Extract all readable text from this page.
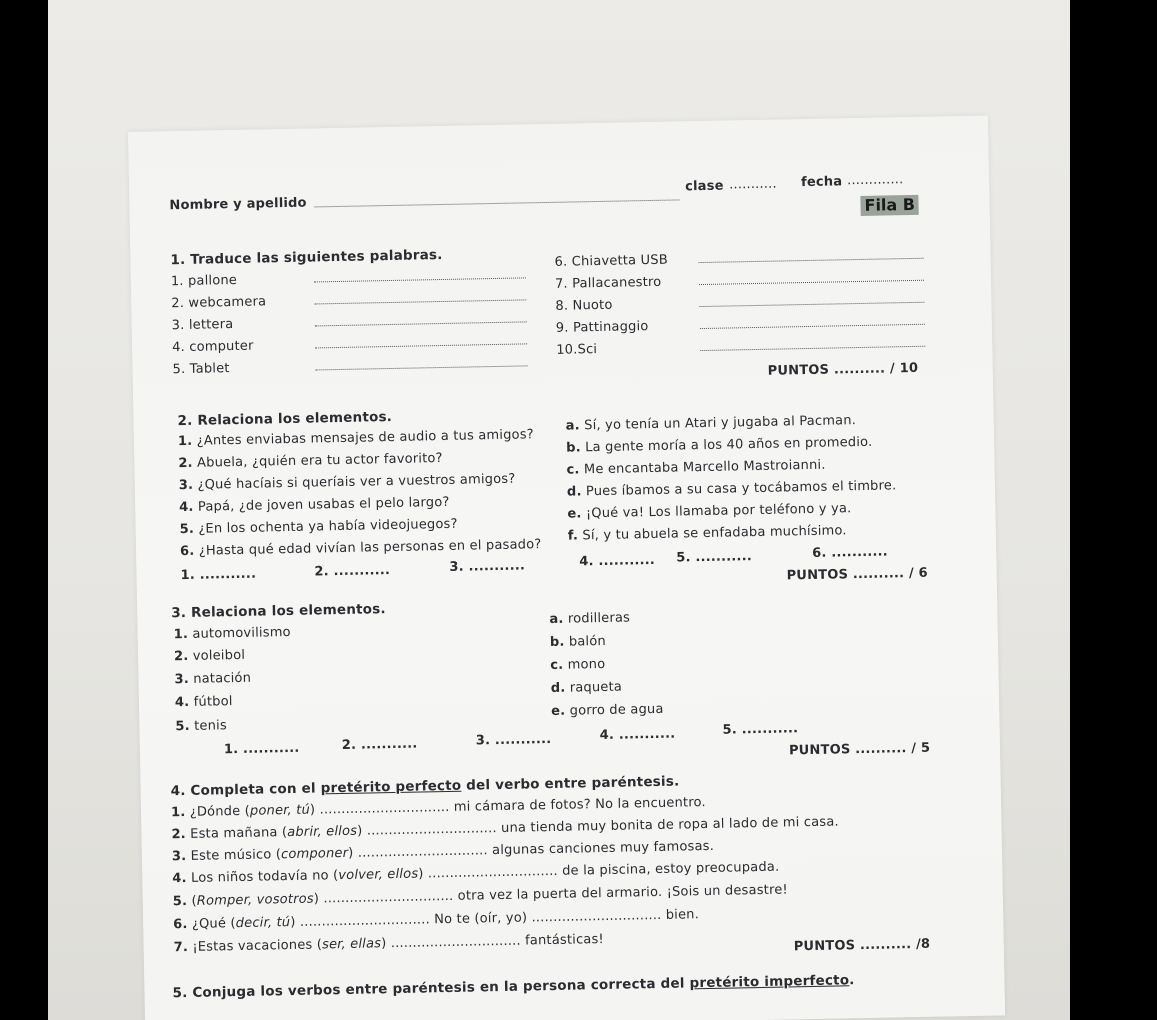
Nombre y apellido
clase ........... fecha .............
Fila B
1. Traduce las siguientes palabras.
1. pallone
2. webcamera
3. lettera
4. computer
5. Tablet
6. Chiavetta USB
7. Pallacanestro
8. Nuoto
9. Pattinaggio
10.Sci
PUNTOS .......... / 10
2. Relaciona los elementos.
1. ¿Antes enviabas mensajes de audio a tus amigos?
2. Abuela, ¿quién era tu actor favorito?
3. ¿Qué hacíais si queríais ver a vuestros amigos?
4. Papá, ¿de joven usabas el pelo largo?
5. ¿En los ochenta ya había videojuegos?
6. ¿Hasta qué edad vivían las personas en el pasado?
a. Sí, yo tenía un Atari y jugaba al Pacman.
b. La gente moría a los 40 años en promedio.
c. Me encantaba Marcello Mastroianni.
d. Pues íbamos a su casa y tocábamos el timbre.
e. ¡Qué va! Los llamaba por teléfono y ya.
f. Sí, y tu abuela se enfadaba muchísimo.
1. ...........	2. ...........	3. ...........	4. ........... 5. ...........	6. ...........
PUNTOS .......... / 6
3. Relaciona los elementos.
1. automovilismo
2. voleibol
3. natación
4. fútbol
5. tenis
a. rodilleras
b. balón
c. mono
d. raqueta
e. gorro de agua
1. ...........	2. ...........	3. ...........	4. ...........	5. ...........
PUNTOS .......... / 5
4. Completa con el pretérito perfecto del verbo entre paréntesis.
1. ¿Dónde (poner, tú) .............................. mi cámara de fotos? No la encuentro.
2. Esta mañana (abrir, ellos) .............................. una tienda muy bonita de ropa al lado de mi casa.
3. Este músico (componer) .............................. algunas canciones muy famosas.
4. Los niños todavía no (volver, ellos) .............................. de la piscina, estoy preocupada.
5. (Romper, vosotros) .............................. otra vez la puerta del armario. ¡Sois un desastre!
6. ¿Qué (decir, tú) .............................. No te (oír, yo) .............................. bien.
7. ¡Estas vacaciones (ser, ellas) .............................. fantásticas!	PUNTOS .......... /8
5. Conjuga los verbos entre paréntesis en la persona correcta del pretérito imperfecto.
